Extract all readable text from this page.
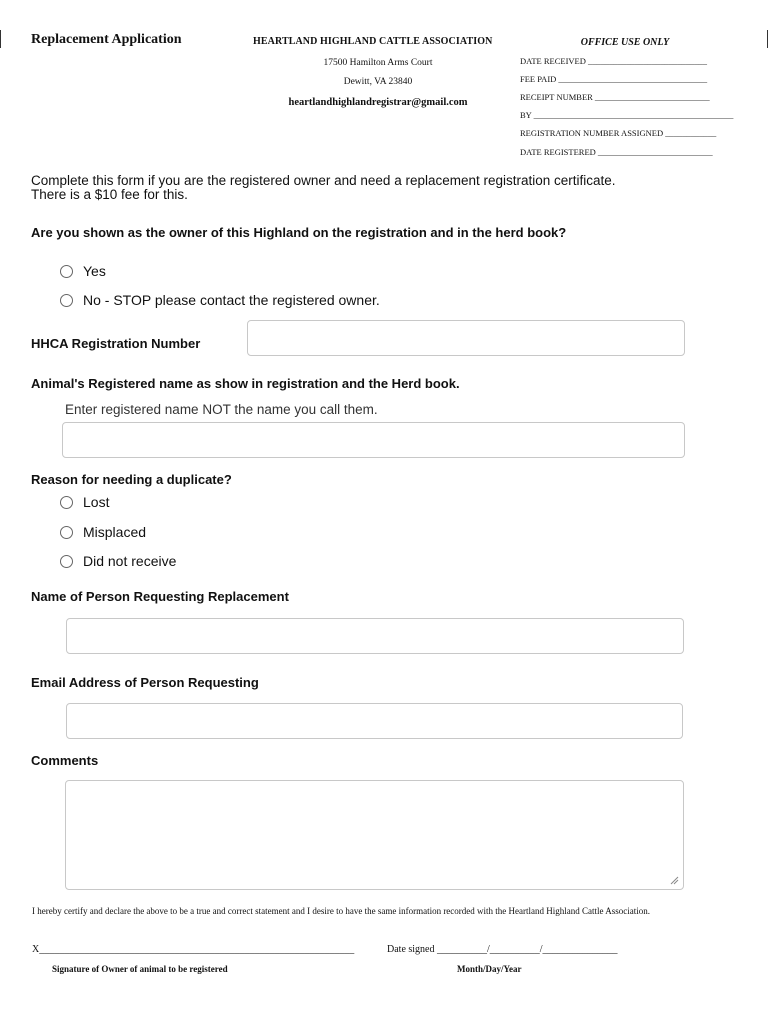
Replacement Application	HEARTLAND HIGHLAND CATTLE ASSOCIATION
17500 Hamilton Arms Court
Dewitt, VA 23840
heartlandhighlandregistrar@gmail.com
OFFICE USE ONLY
DATE RECEIVED ____________________________
FEE PAID ___________________________________
RECEIPT NUMBER ___________________________
BY _______________________________________________
REGISTRATION NUMBER ASSIGNED ____________
DATE REGISTERED ___________________________
Complete this form if you are the registered owner and need a replacement registration certificate.
There is a $10 fee for this.
Are you shown as the owner of this Highland on the registration and in the herd book?
Yes
No - STOP please contact the registered owner.
HHCA Registration Number
Animal's Registered name as show in registration and the Herd book.
Enter registered name NOT the name you call them.
Reason for needing a duplicate?
Lost
Misplaced
Did not receive
Name of Person Requesting Replacement
Email Address of Person Requesting
Comments
I hereby certify and declare the above to be a true and correct statement and I desire to have the same information recorded with the Heartland Highland Cattle Association.
X_______________________________________________________________	Date signed __________/__________/_______________
Signature of Owner of animal to be registered	Month/Day/Year
